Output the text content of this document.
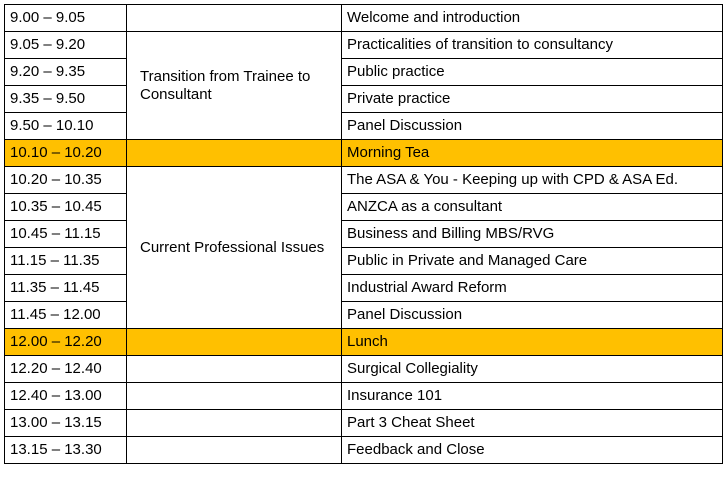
9.00 – 9.05		Welcome and introduction
9.05 – 9.20	Transition from Trainee to Consultant	Practicalities of transition to consultancy
9.20 – 9.35		Public practice
9.35 – 9.50		Private practice
9.50 – 10.10		Panel Discussion
10.10 – 10.20		Morning Tea
10.20 – 10.35	Current Professional Issues	The ASA & You - Keeping up with CPD & ASA Ed.
10.35 – 10.45		ANZCA as a consultant
10.45 – 11.15		Business and Billing MBS/RVG
11.15 – 11.35		Public in Private and Managed Care
11.35 – 11.45		Industrial Award Reform
11.45 – 12.00		Panel Discussion
12.00 – 12.20		Lunch
12.20 – 12.40		Surgical Collegiality
12.40 – 13.00		Insurance 101
13.00 – 13.15		Part 3 Cheat Sheet
13.15 – 13.30		Feedback and Close
